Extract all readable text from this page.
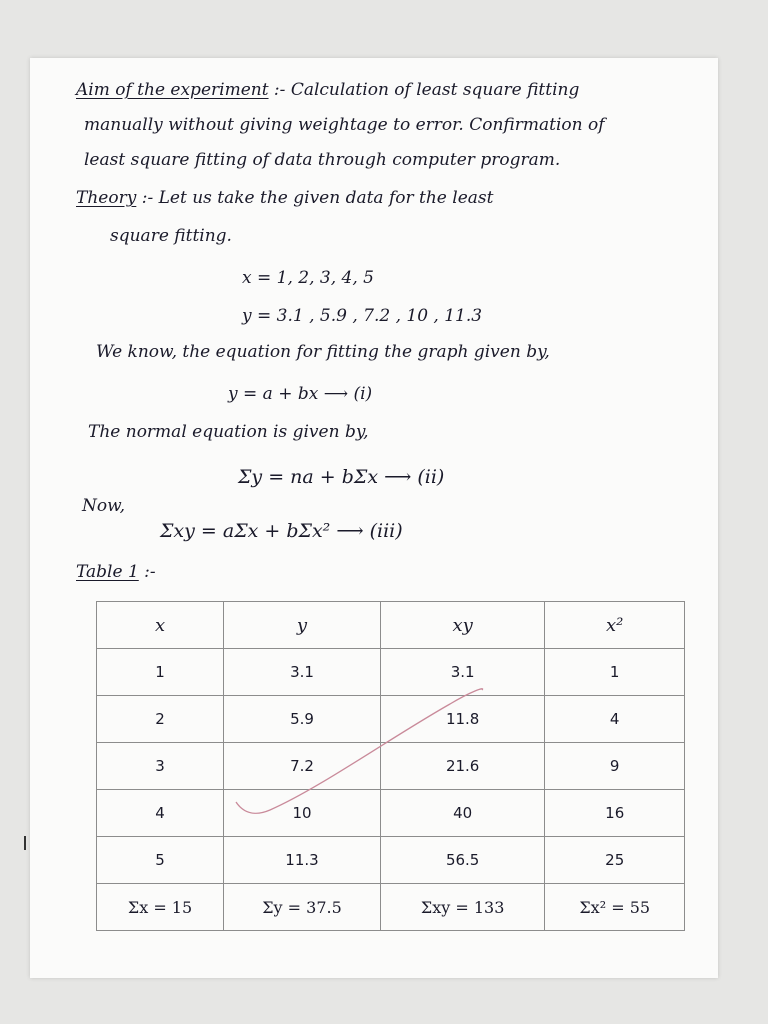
Aim of the experiment :- Calculation of least square fitting
manually without giving weightage to error. Confirmation of
least square fitting of data through computer program.
Theory :- Let us take the given data for the least
square fitting.
x = 1, 2, 3, 4, 5
y = 3.1 , 5.9 , 7.2 , 10 , 11.3
We know, the equation for fitting the graph given by,
y = a + bx ⟶ (i)
The normal equation is given by,
Σy = na + bΣx ⟶ (ii)
Now,
Σxy = aΣx + bΣx² ⟶ (iii)
Table 1 :-
x	y	xy	x²
1	3.1	3.1	1
2	5.9	11.8	4
3	7.2	21.6	9
4	10	40	16
5	11.3	56.5	25
Σx = 15	Σy = 37.5	Σxy = 133	Σx² = 55
